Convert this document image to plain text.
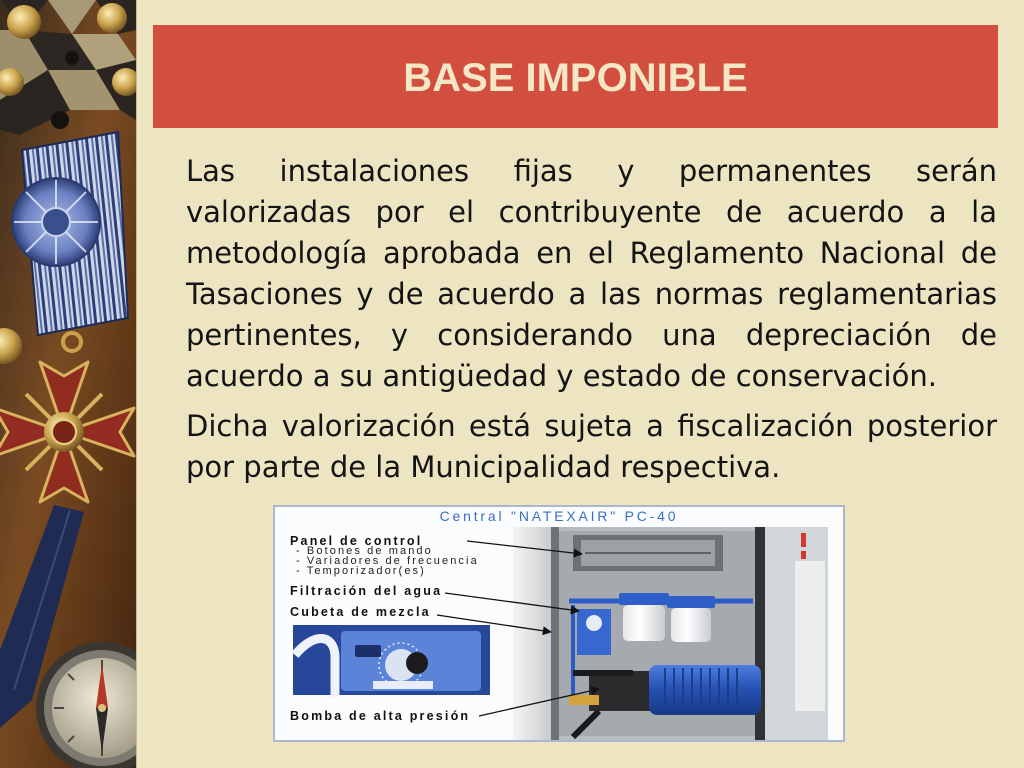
BASE IMPONIBLE
Las instalaciones fijas y permanentes serán
valorizadas por el contribuyente de acuerdo a la
metodología aprobada en el Reglamento Nacional de
Tasaciones y de acuerdo a las normas reglamentarias
pertinentes, y considerando una depreciación de
acuerdo a su antigüedad y estado de conservación.
Dicha valorización está sujeta a fiscalización posterior
por parte de la Municipalidad respectiva.
Central "NATEXAIR" PC-40
Panel de control
- Botones de mando
- Variadores de frecuencia
- Temporizador(es)
Filtración del agua
Cubeta de mezcla
Bomba de alta presión
